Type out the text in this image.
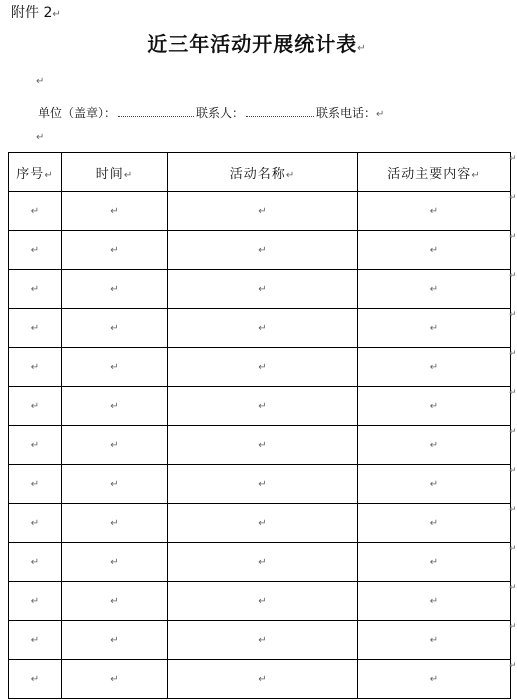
附件 2↵
近三年活动开展统计表↵
↵
单位（盖章）：	联系人：	联系电话：↵
↵
序号↵	时间↵	活动名称↵	活动主要内容↵
↵	↵	↵	↵
↵	↵	↵	↵
↵	↵	↵	↵
↵	↵	↵	↵
↵	↵	↵	↵
↵	↵	↵	↵
↵	↵	↵	↵
↵	↵	↵	↵
↵	↵	↵	↵
↵	↵	↵	↵
↵	↵	↵	↵
↵	↵	↵	↵
↵	↵	↵	↵
↵
↵
↵
↵
↵
↵
↵
↵
↵
↵
↵
↵
↵
↵
